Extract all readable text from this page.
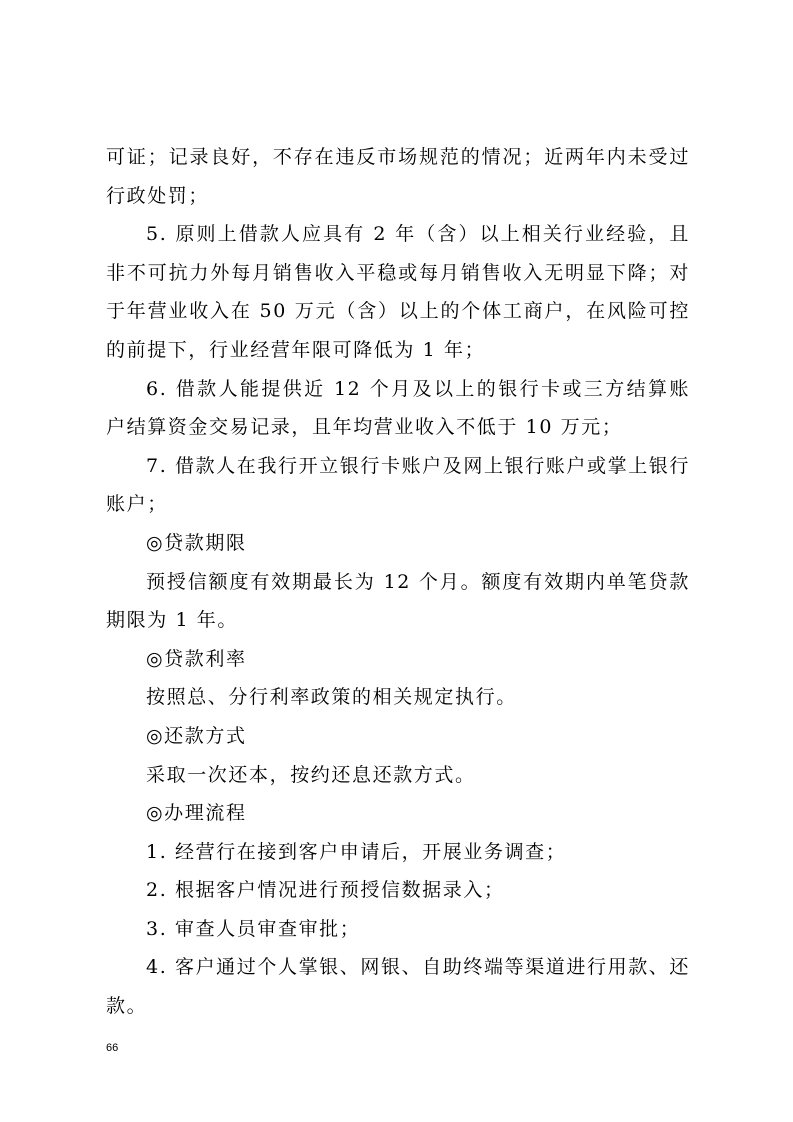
可证；记录良好，不存在违反市场规范的情况；近两年内未受过行政处罚；

5. 原则上借款人应具有 2 年（含）以上相关行业经验，且非不可抗力外每月销售收入平稳或每月销售收入无明显下降；对于年营业收入在 50 万元（含）以上的个体工商户，在风险可控的前提下，行业经营年限可降低为 1 年；

6. 借款人能提供近 12 个月及以上的银行卡或三方结算账户结算资金交易记录，且年均营业收入不低于 10 万元；

7. 借款人在我行开立银行卡账户及网上银行账户或掌上银行账户；

◎贷款期限

预授信额度有效期最长为 12 个月。额度有效期内单笔贷款期限为 1 年。

◎贷款利率

按照总、分行利率政策的相关规定执行。

◎还款方式

采取一次还本，按约还息还款方式。

◎办理流程

1. 经营行在接到客户申请后，开展业务调查；

2. 根据客户情况进行预授信数据录入；

3. 审查人员审查审批；

4. 客户通过个人掌银、网银、自助终端等渠道进行用款、还款。

66
